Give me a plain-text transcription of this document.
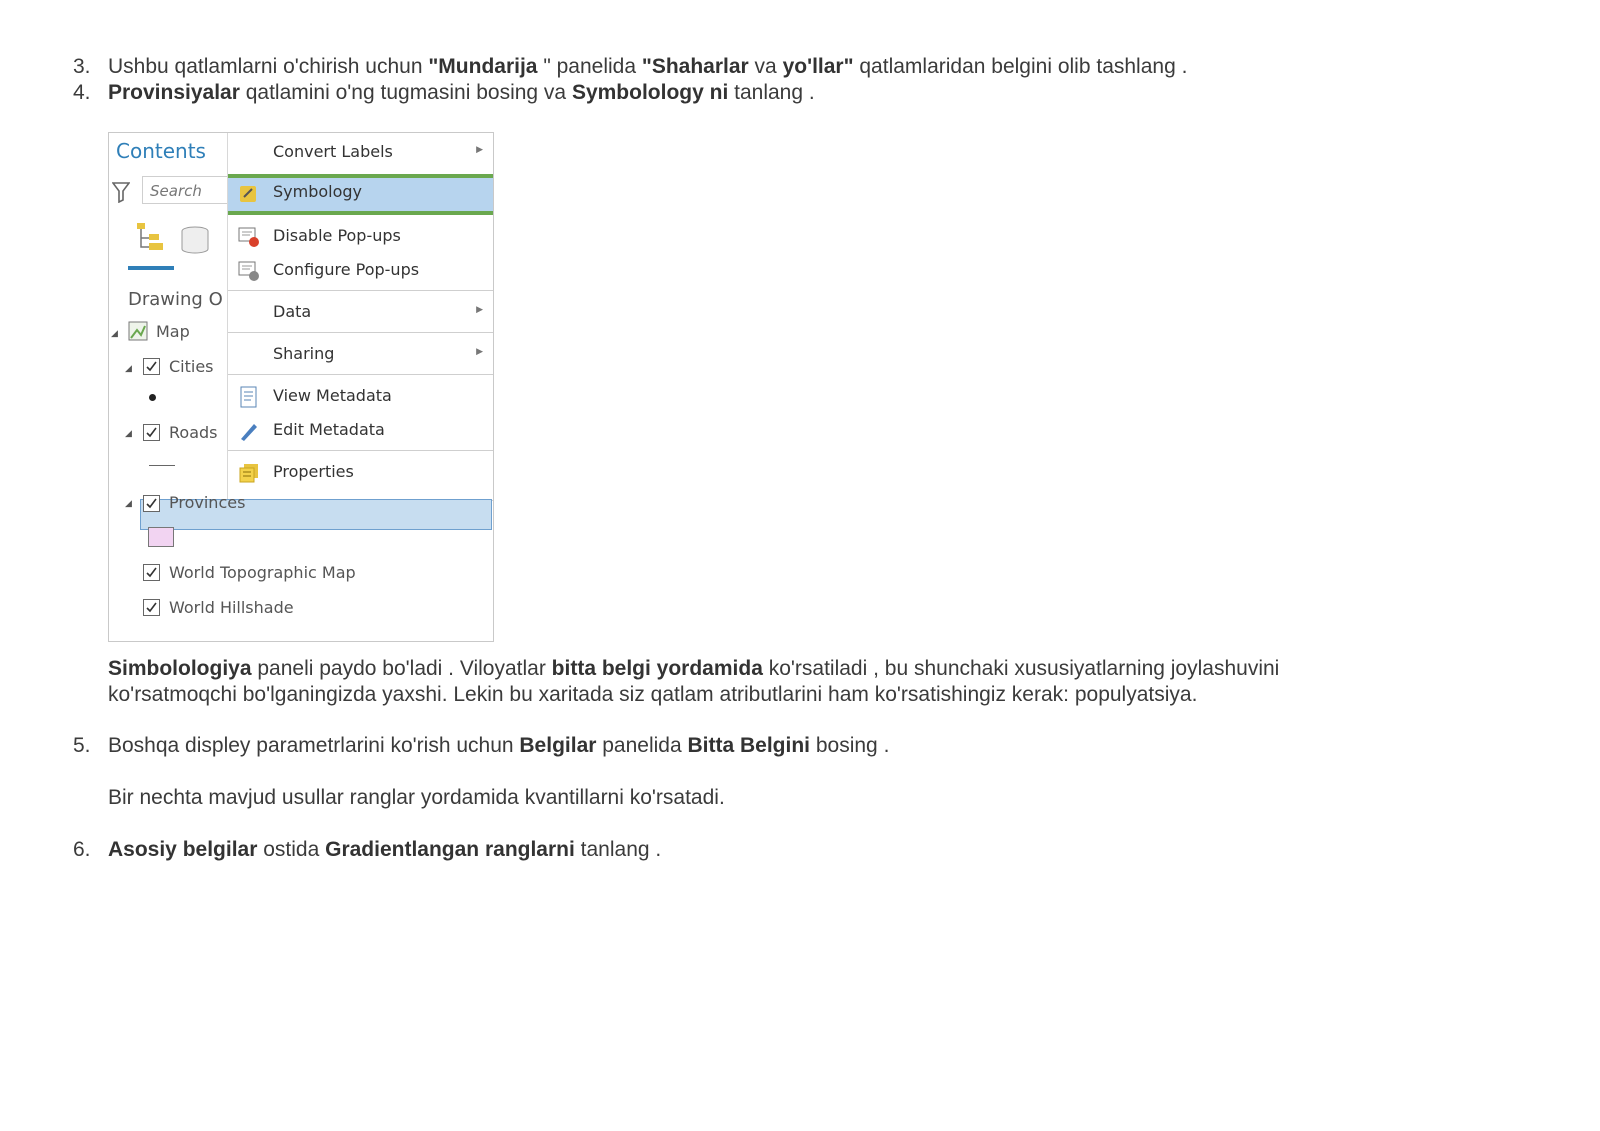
3. Ushbu qatlamlarni o'chirish uchun "Mundarija " panelida "Shaharlar va yo'llar" qatlamlaridan belgini olib tashlang .
4. Provinsiyalar qatlamini o'ng tugmasini bosing va Symbolology ni tanlang .
Contents
Search
Drawing O
◢ Map
◢ Cities
◢ Roads
Convert Labels	▶
Symbology
Disable Pop-ups
Configure Pop-ups
Data	▶
Sharing	▶
View Metadata
Edit Metadata
Properties
◢ Provinces
World Topographic Map
World Hillshade
Simbolologiya paneli paydo bo'ladi . Viloyatlar bitta belgi yordamida ko'rsatiladi , bu shunchaki xususiyatlarning joylashuvini
ko'rsatmoqchi bo'lganingizda yaxshi. Lekin bu xaritada siz qatlam atributlarini ham ko'rsatishingiz kerak: populyatsiya.
5. Boshqa displey parametrlarini ko'rish uchun Belgilar panelida Bitta Belgini bosing .
Bir nechta mavjud usullar ranglar yordamida kvantillarni ko'rsatadi.
6. Asosiy belgilar ostida Gradientlangan ranglarni tanlang .
